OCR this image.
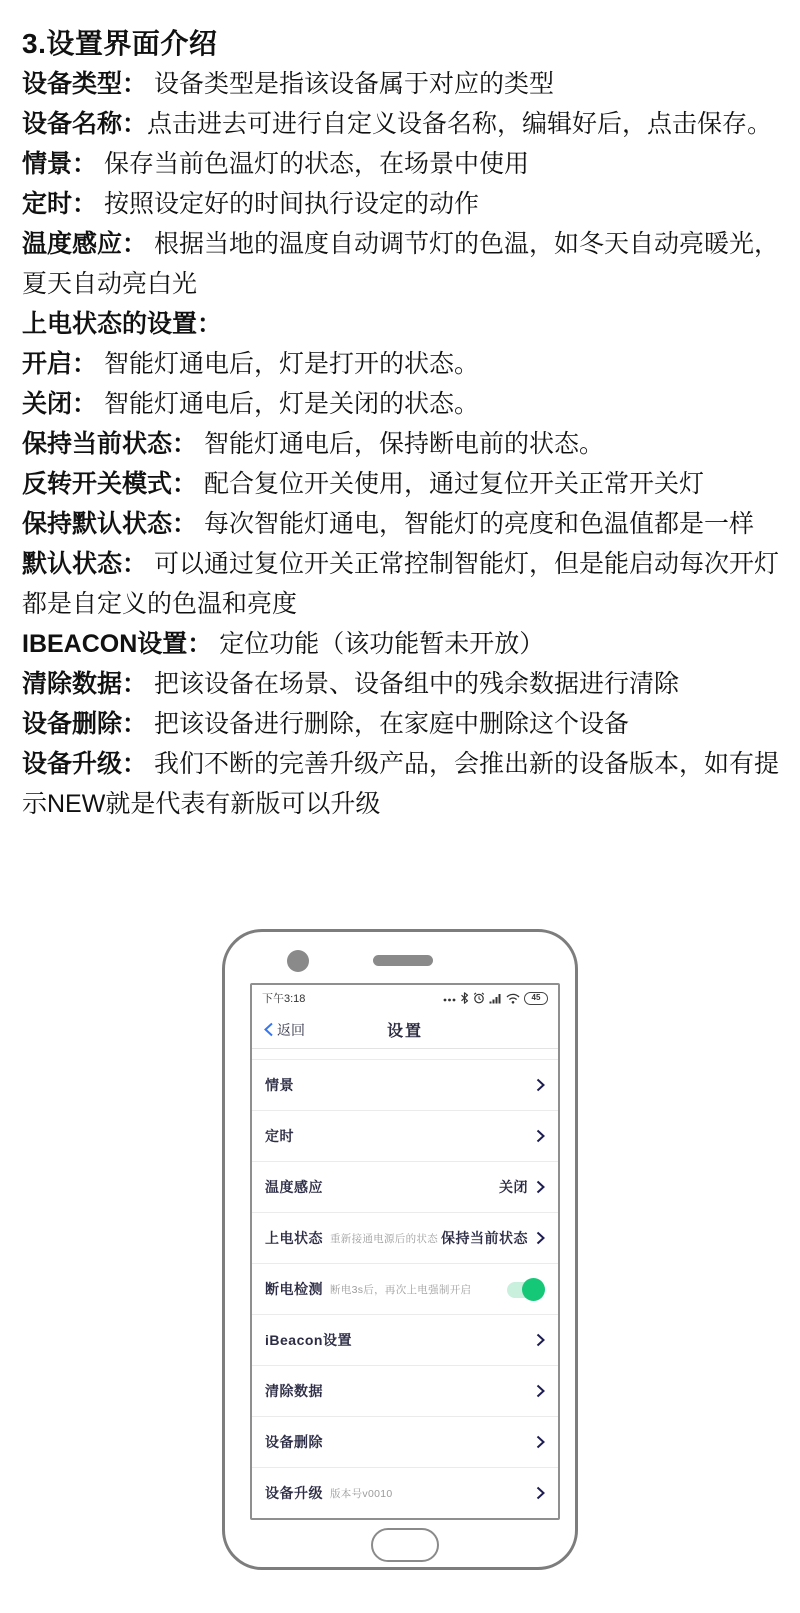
3.设置界面介绍

设备类型： 设备类型是指该设备属于对应的类型

设备名称：点击进去可进行自定义设备名称，编辑好后，点击保存。

情景： 保存当前色温灯的状态，在场景中使用

定时： 按照设定好的时间执行设定的动作

温度感应： 根据当地的温度自动调节灯的色温，如冬天自动亮暖光，夏天自动亮白光

上电状态的设置：

开启： 智能灯通电后，灯是打开的状态。

关闭： 智能灯通电后，灯是关闭的状态。

保持当前状态： 智能灯通电后，保持断电前的状态。

反转开关模式： 配合复位开关使用，通过复位开关正常开关灯

保持默认状态： 每次智能灯通电，智能灯的亮度和色温值都是一样

默认状态： 可以通过复位开关正常控制智能灯，但是能启动每次开灯都是自定义的色温和亮度

IBEACON设置： 定位功能（该功能暂未开放）

清除数据： 把该设备在场景、设备组中的残余数据进行清除

设备删除： 把该设备进行删除，在家庭中删除这个设备

设备升级： 我们不断的完善升级产品，会推出新的设备版本，如有提示NEW就是代表有新版可以升级

下午3:18	45
返回	设置
情景
定时
温度感应	关闭
上电状态 重新接通电源后的状态 保持当前状态
断电检测 断电3s后，再次上电强制开启
iBeacon设置
清除数据
设备删除
设备升级 版本号v0010
